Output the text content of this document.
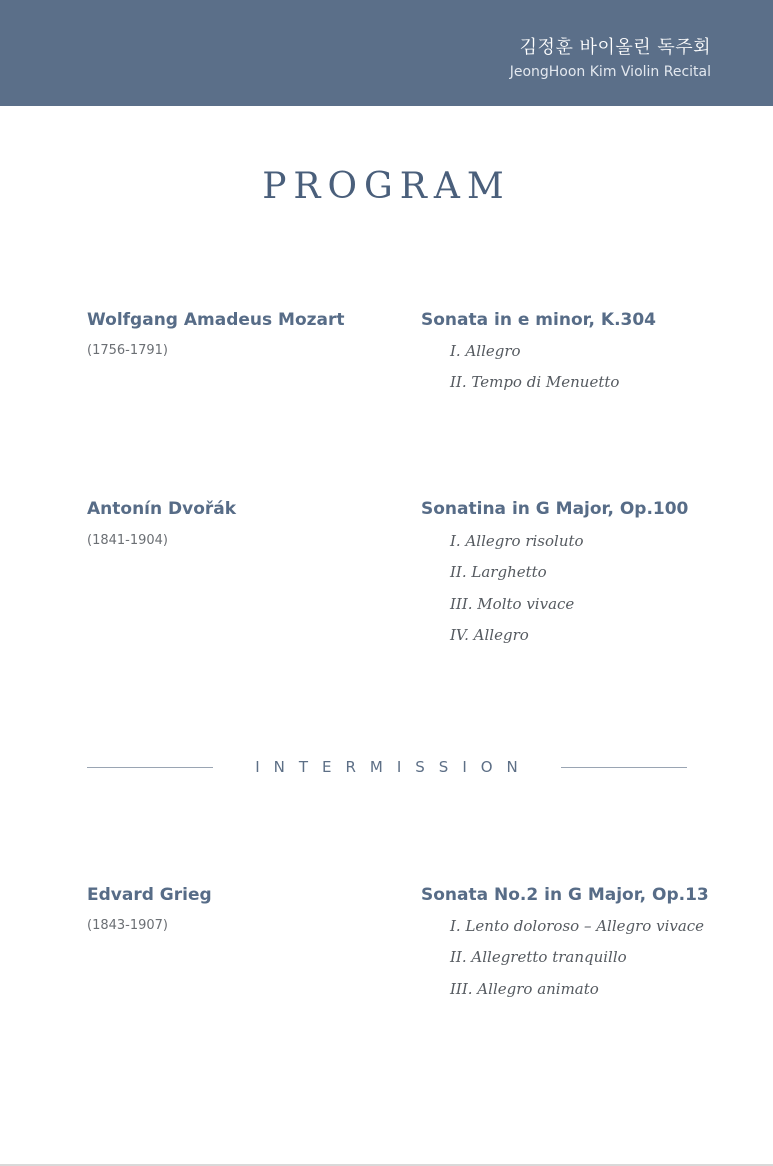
김정훈 바이올린 독주회
JeongHoon Kim Violin Recital
PROGRAM
Wolfgang Amadeus Mozart
(1756-1791)
Sonata in e minor, K.304
I. Allegro
II. Tempo di Menuetto
Antonín Dvořák
(1841-1904)
Sonatina in G Major, Op.100
I. Allegro risoluto
II. Larghetto
III. Molto vivace
IV. Allegro
INTERMISSION
Edvard Grieg
(1843-1907)
Sonata No.2 in G Major, Op.13
I. Lento doloroso – Allegro vivace
II. Allegretto tranquillo
III. Allegro animato
